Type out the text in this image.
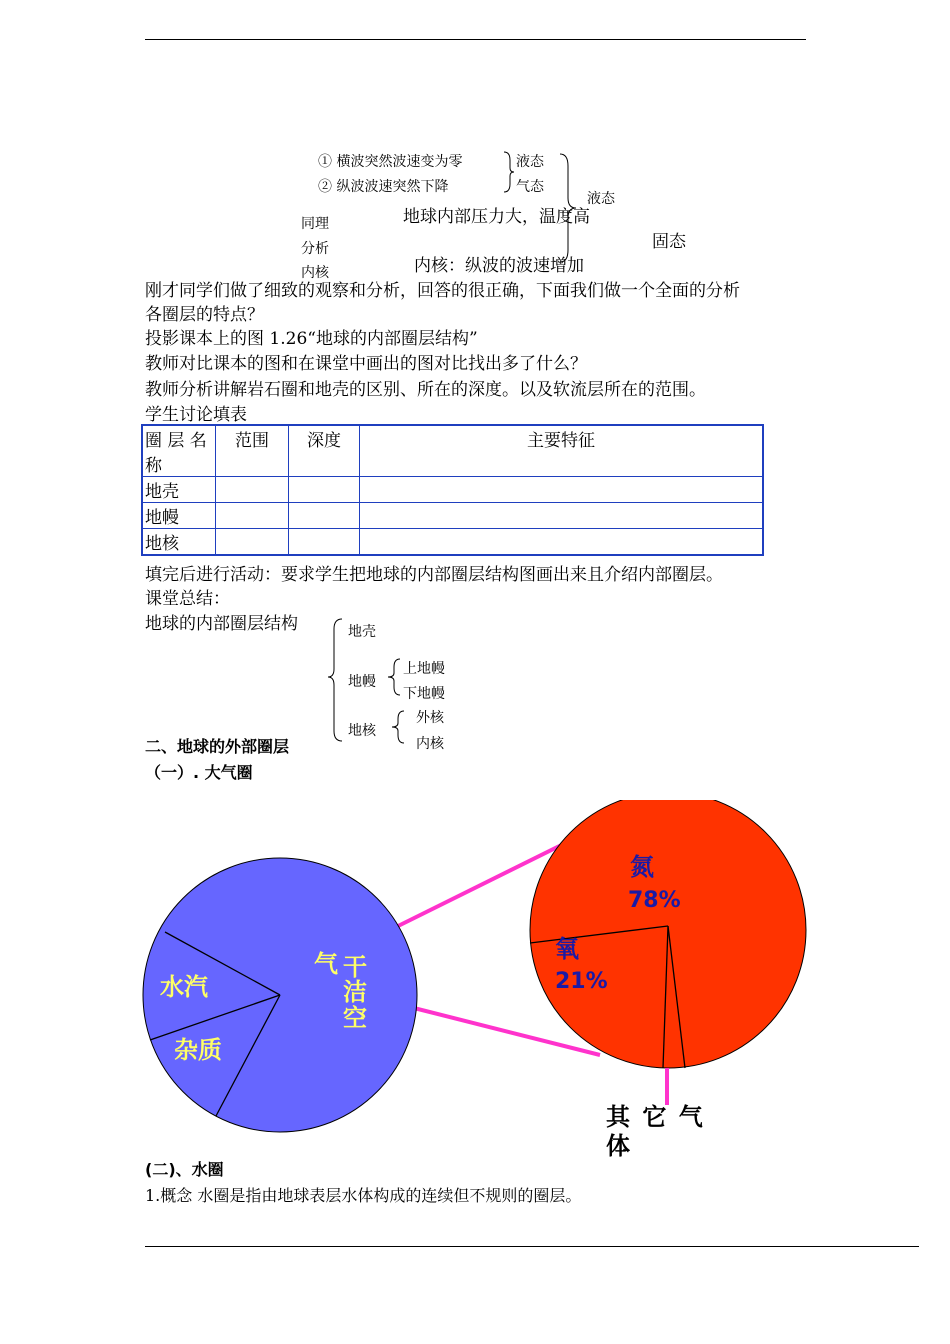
① 横波突然波速变为零
② 纵波波速突然下降
液态
气态
液态
地球内部压力大，温度高
同理
分析
内核
固态
内核：纵波的波速增加
刚才同学们做了细致的观察和分析，回答的很正确，下面我们做一个全面的分析
各圈层的特点？
投影课本上的图 1.26“地球的内部圈层结构”
教师对比课本的图和在课堂中画出的图对比找出多了什么？
教师分析讲解岩石圈和地壳的区别、所在的深度。以及软流层所在的范围。
学生讨论填表
圈 层 名称	范围	深度	主要特征
地壳			
地幔			
地核			
填完后进行活动：要求学生把地球的内部圈层结构图画出来且介绍内部圈层。
课堂总结：
地球的内部圈层结构	地壳
地幔
上地幔
下地幔
地核
外核
内核
二、地球的外部圈层
（一）. 大气圈
水汽
杂质
干
洁
空
气
氮
78%
氧
21%
其 它 气
体
(二)、水圈
1.概念 水圈是指由地球表层水体构成的连续但不规则的圈层。
